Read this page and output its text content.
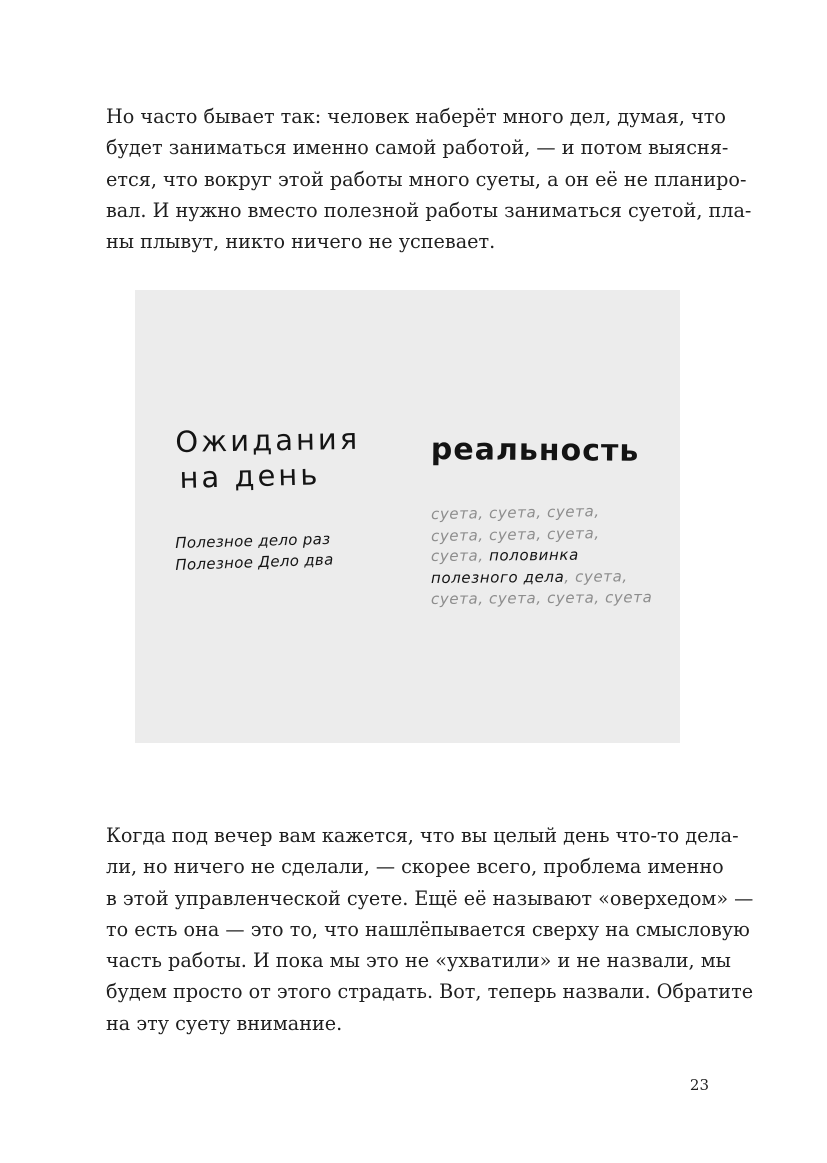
Но часто бывает так: человек наберёт много дел, думая, что
будет заниматься именно самой работой, — и потом выясня-
ется, что вокруг этой работы много суеты, а он её не планиро-
вал. И нужно вместо полезной работы заниматься суетой, пла-
ны плывут, никто ничего не успевает.

Ожидания
на день
Полезное дело раз
Полезное Дело два
реальность
суета, суета, суета,
суета, суета, суета,
суета, половинка
полезного дела, суета,
суета, суета, суета, суета

Когда под вечер вам кажется, что вы целый день что-то дела-
ли, но ничего не сделали, — скорее всего, проблема именно
в этой управленческой суете. Ещё её называют «оверхедом» —
то есть она — это то, что нашлёпывается сверху на смысловую
часть работы. И пока мы это не «ухватили» и не назвали, мы
будем просто от этого страдать. Вот, теперь назвали. Обратите
на эту суету внимание.

23
